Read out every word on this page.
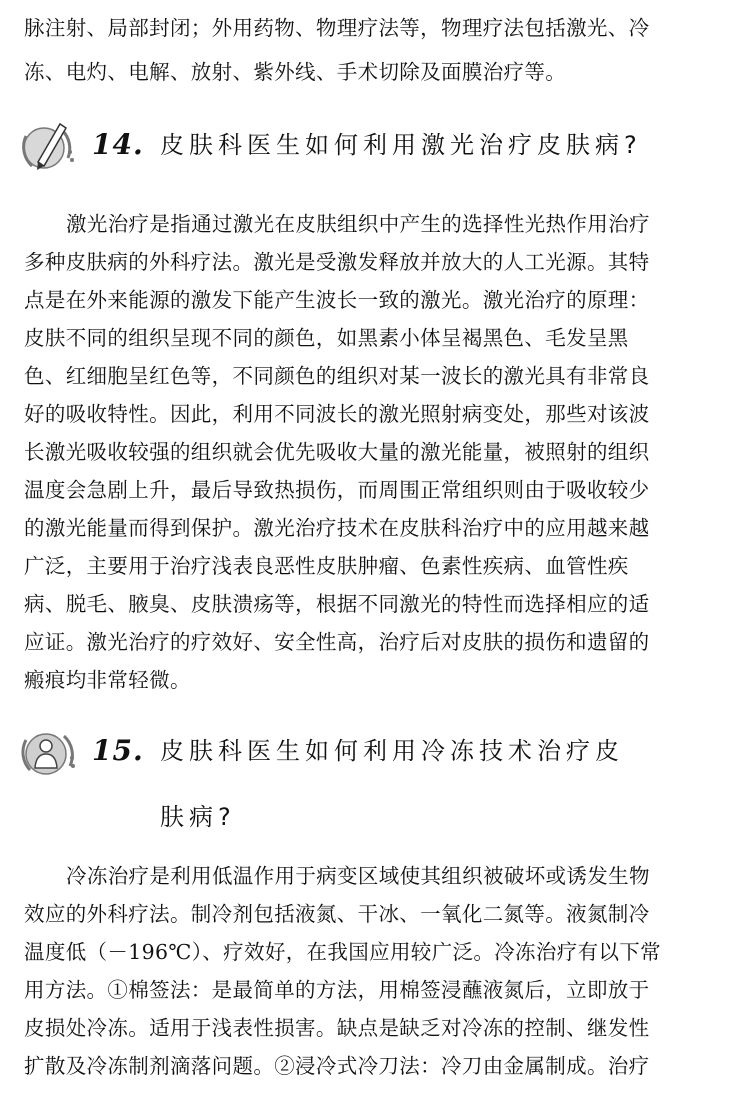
脉注射、局部封闭；外用药物、物理疗法等，物理疗法包括激光、冷
冻、电灼、电解、放射、紫外线、手术切除及面膜治疗等。
14. 皮肤科医生如何利用激光治疗皮肤病?
激光治疗是指通过激光在皮肤组织中产生的选择性光热作用治疗
多种皮肤病的外科疗法。激光是受激发释放并放大的人工光源。其特
点是在外来能源的激发下能产生波长一致的激光。激光治疗的原理：
皮肤不同的组织呈现不同的颜色，如黑素小体呈褐黑色、毛发呈黑
色、红细胞呈红色等，不同颜色的组织对某一波长的激光具有非常良
好的吸收特性。因此，利用不同波长的激光照射病变处，那些对该波
长激光吸收较强的组织就会优先吸收大量的激光能量，被照射的组织
温度会急剧上升，最后导致热损伤，而周围正常组织则由于吸收较少
的激光能量而得到保护。激光治疗技术在皮肤科治疗中的应用越来越
广泛，主要用于治疗浅表良恶性皮肤肿瘤、色素性疾病、血管性疾
病、脱毛、腋臭、皮肤溃疡等，根据不同激光的特性而选择相应的适
应证。激光治疗的疗效好、安全性高，治疗后对皮肤的损伤和遗留的
瘢痕均非常轻微。
15. 皮肤科医生如何利用冷冻技术治疗皮
肤病?
冷冻治疗是利用低温作用于病变区域使其组织被破坏或诱发生物
效应的外科疗法。制冷剂包括液氮、干冰、一氧化二氮等。液氮制冷
温度低（－196℃）、疗效好，在我国应用较广泛。冷冻治疗有以下常
用方法。①棉签法：是最简单的方法，用棉签浸蘸液氮后，立即放于
皮损处冷冻。适用于浅表性损害。缺点是缺乏对冷冻的控制、继发性
扩散及冷冻制剂滴落问题。②浸冷式冷刀法：冷刀由金属制成。治疗
